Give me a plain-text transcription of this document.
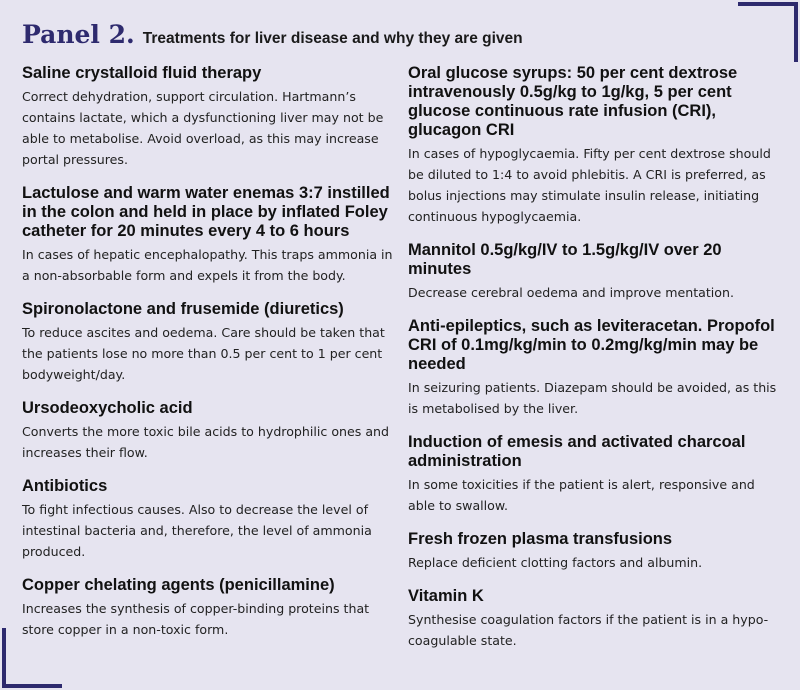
Panel 2. Treatments for liver disease and why they are given
Saline crystalloid fluid therapy

Correct dehydration, support circulation. Hartmann’s contains lactate, which a dysfunctioning liver may not be able to metabolise. Avoid overload, as this may increase portal pressures.

Lactulose and warm water enemas 3:7 instilled in the colon and held in place by inflated Foley catheter for 20 minutes every 4 to 6 hours

In cases of hepatic encephalopathy. This traps ammonia in a non-absorbable form and expels it from the body.

Spironolactone and frusemide (diuretics)

To reduce ascites and oedema. Care should be taken that the patients lose no more than 0.5 per cent to 1 per cent bodyweight/day.

Ursodeoxycholic acid

Converts the more toxic bile acids to hydrophilic ones and increases their flow.

Antibiotics

To fight infectious causes. Also to decrease the level of intestinal bacteria and, therefore, the level of ammonia produced.

Copper chelating agents (penicillamine)

Increases the synthesis of copper-binding proteins that store copper in a non-toxic form.

Oral glucose syrups: 50 per cent dextrose intravenously 0.5g/kg to 1g/kg, 5 per cent glucose continuous rate infusion (CRI), glucagon CRI

In cases of hypoglycaemia. Fifty per cent dextrose should be diluted to 1:4 to avoid phlebitis. A CRI is preferred, as bolus injections may stimulate insulin release, initiating continuous hypoglycaemia.

Mannitol 0.5g/kg/IV to 1.5g/kg/IV over 20 minutes

Decrease cerebral oedema and improve mentation.

Anti-epileptics, such as leviteracetan. Propofol CRI of 0.1mg/kg/min to 0.2mg/kg/min may be needed

In seizuring patients. Diazepam should be avoided, as this is metabolised by the liver.

Induction of emesis and activated charcoal administration

In some toxicities if the patient is alert, responsive and able to swallow.

Fresh frozen plasma transfusions

Replace deficient clotting factors and albumin.

Vitamin K

Synthesise coagulation factors if the patient is in a hypo-coagulable state.
